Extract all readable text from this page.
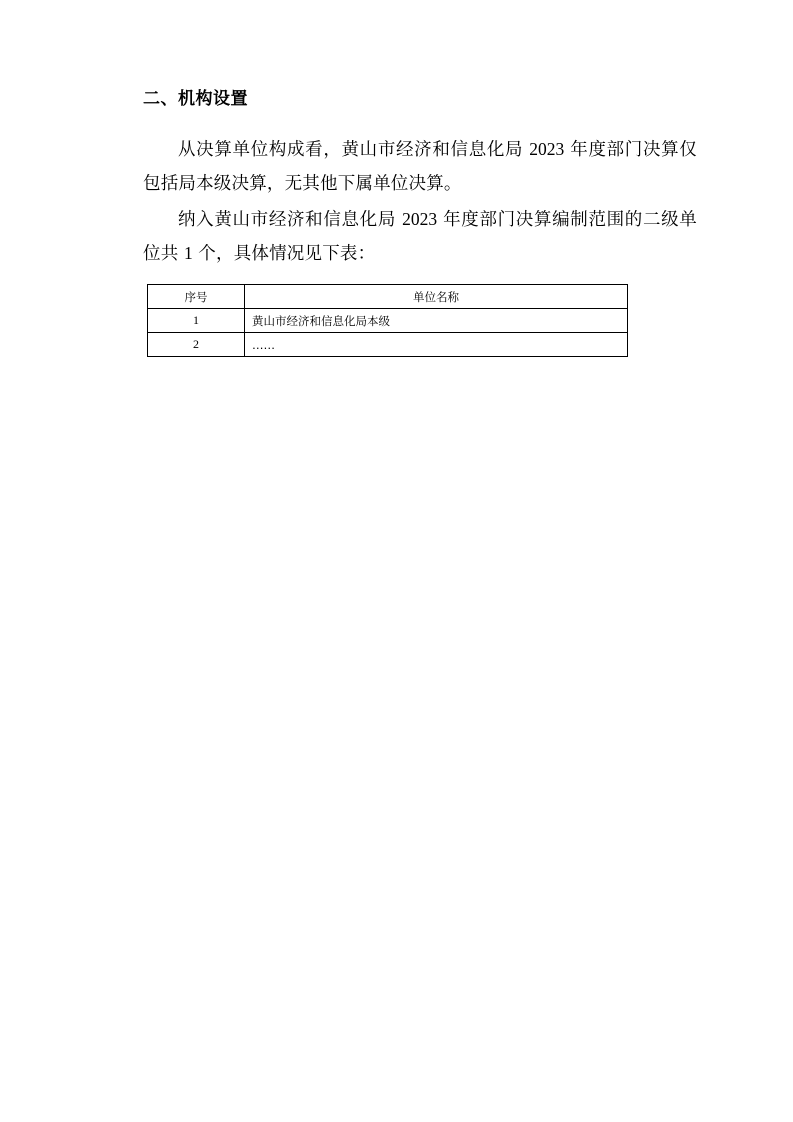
二、机构设置

从决算单位构成看，黄山市经济和信息化局 2023 年度部门决算仅包括局本级决算，无其他下属单位决算。

纳入黄山市经济和信息化局 2023 年度部门决算编制范围的二级单位共 1 个，具体情况见下表：

序号	单位名称
1	黄山市经济和信息化局本级
2	……
